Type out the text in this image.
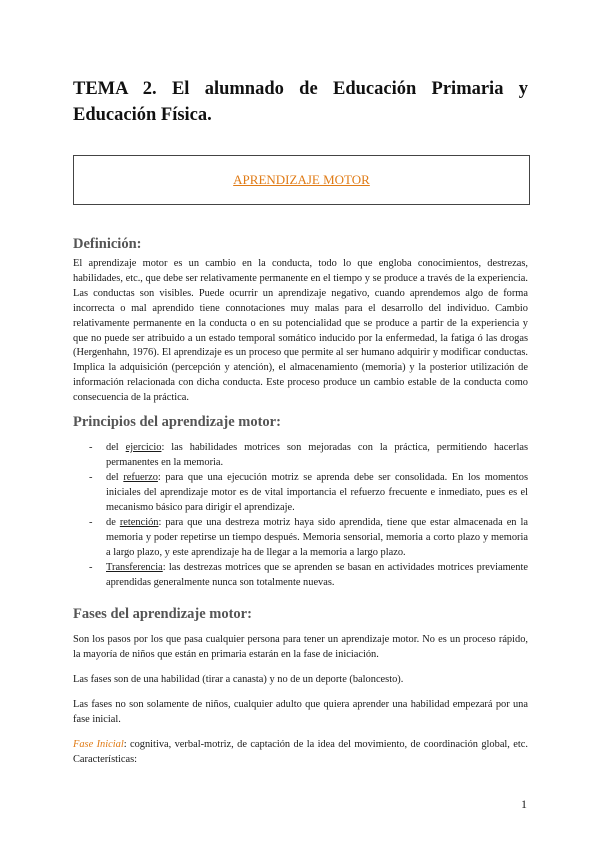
TEMA 2. El alumnado de Educación Primaria y
Educación Física.
APRENDIZAJE MOTOR
Definición:

El aprendizaje motor es un cambio en la conducta, todo lo que engloba conocimientos, destrezas, habilidades, etc., que debe ser relativamente permanente en el tiempo y se produce a través de la experiencia. Las conductas son visibles. Puede ocurrir un aprendizaje negativo, cuando aprendemos algo de forma incorrecta o mal aprendido tiene connotaciones muy malas para el desarrollo del individuo. Cambio relativamente permanente en la conducta o en su potencialidad que se produce a partir de la experiencia y que no puede ser atribuido a un estado temporal somático inducido por la enfermedad, la fatiga ó las drogas (Hergenhahn, 1976). El aprendizaje es un proceso que permite al ser humano adquirir y modificar conductas. Implica la adquisición (percepción y atención), el almacenamiento (memoria) y la posterior utilización de información relacionada con dicha conducta. Este proceso produce un cambio estable de la conducta como consecuencia de la práctica.

Principios del aprendizaje motor:
- del ejercicio: las habilidades motrices son mejoradas con la práctica, permitiendo hacerlas permanentes en la memoria.
- del refuerzo: para que una ejecución motriz se aprenda debe ser consolidada. En los momentos iniciales del aprendizaje motor es de vital importancia el refuerzo frecuente e inmediato, pues es el mecanismo básico para dirigir el aprendizaje.
- de retención: para que una destreza motriz haya sido aprendida, tiene que estar almacenada en la memoria y poder repetirse un tiempo después. Memoria sensorial, memoria a corto plazo y memoria a largo plazo, y este aprendizaje ha de llegar a la memoria a largo plazo.
- Transferencia: las destrezas motrices que se aprenden se basan en actividades motrices previamente aprendidas generalmente nunca son totalmente nuevas.
Fases del aprendizaje motor:

Son los pasos por los que pasa cualquier persona para tener un aprendizaje motor. No es un proceso rápido, la mayoría de niños que están en primaria estarán en la fase de iniciación.

Las fases son de una habilidad (tirar a canasta) y no de un deporte (baloncesto).

Las fases no son solamente de niños, cualquier adulto que quiera aprender una habilidad empezará por una fase inicial.

Fase Inicial: cognitiva, verbal-motriz, de captación de la idea del movimiento, de coordinación global, etc. Características:

1
